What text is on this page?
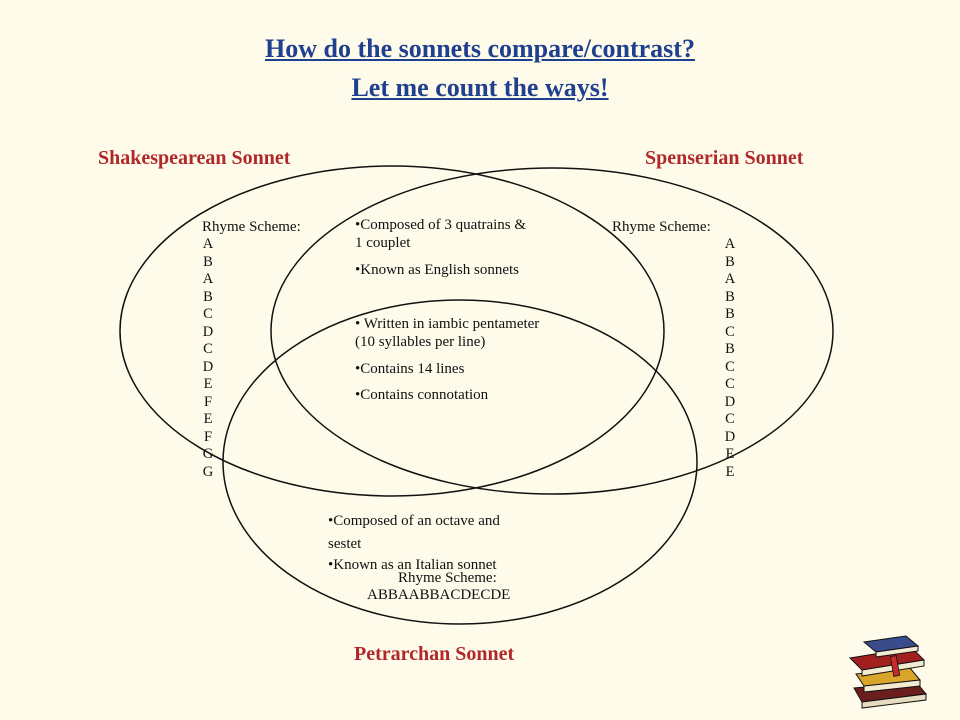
How do the sonnets compare/contrast?
Let me count the ways!
Shakespearean Sonnet	Spenserian Sonnet
Petrarchan Sonnet
Rhyme Scheme:
A
B
A
B
C
D
C
D
E
F
E
F
G
G
Rhyme Scheme:
A
B
A
B
B
C
B
C
C
D
C
D
E
E
•Composed of 3 quatrains &
1 couplet
•Known as English sonnets
• Written in iambic pentameter
(10 syllables per line)
•Contains 14 lines
•Contains connotation
•Composed of an octave and
sestet
•Known as an Italian sonnet
Rhyme Scheme:
ABBAABBACDECDE
